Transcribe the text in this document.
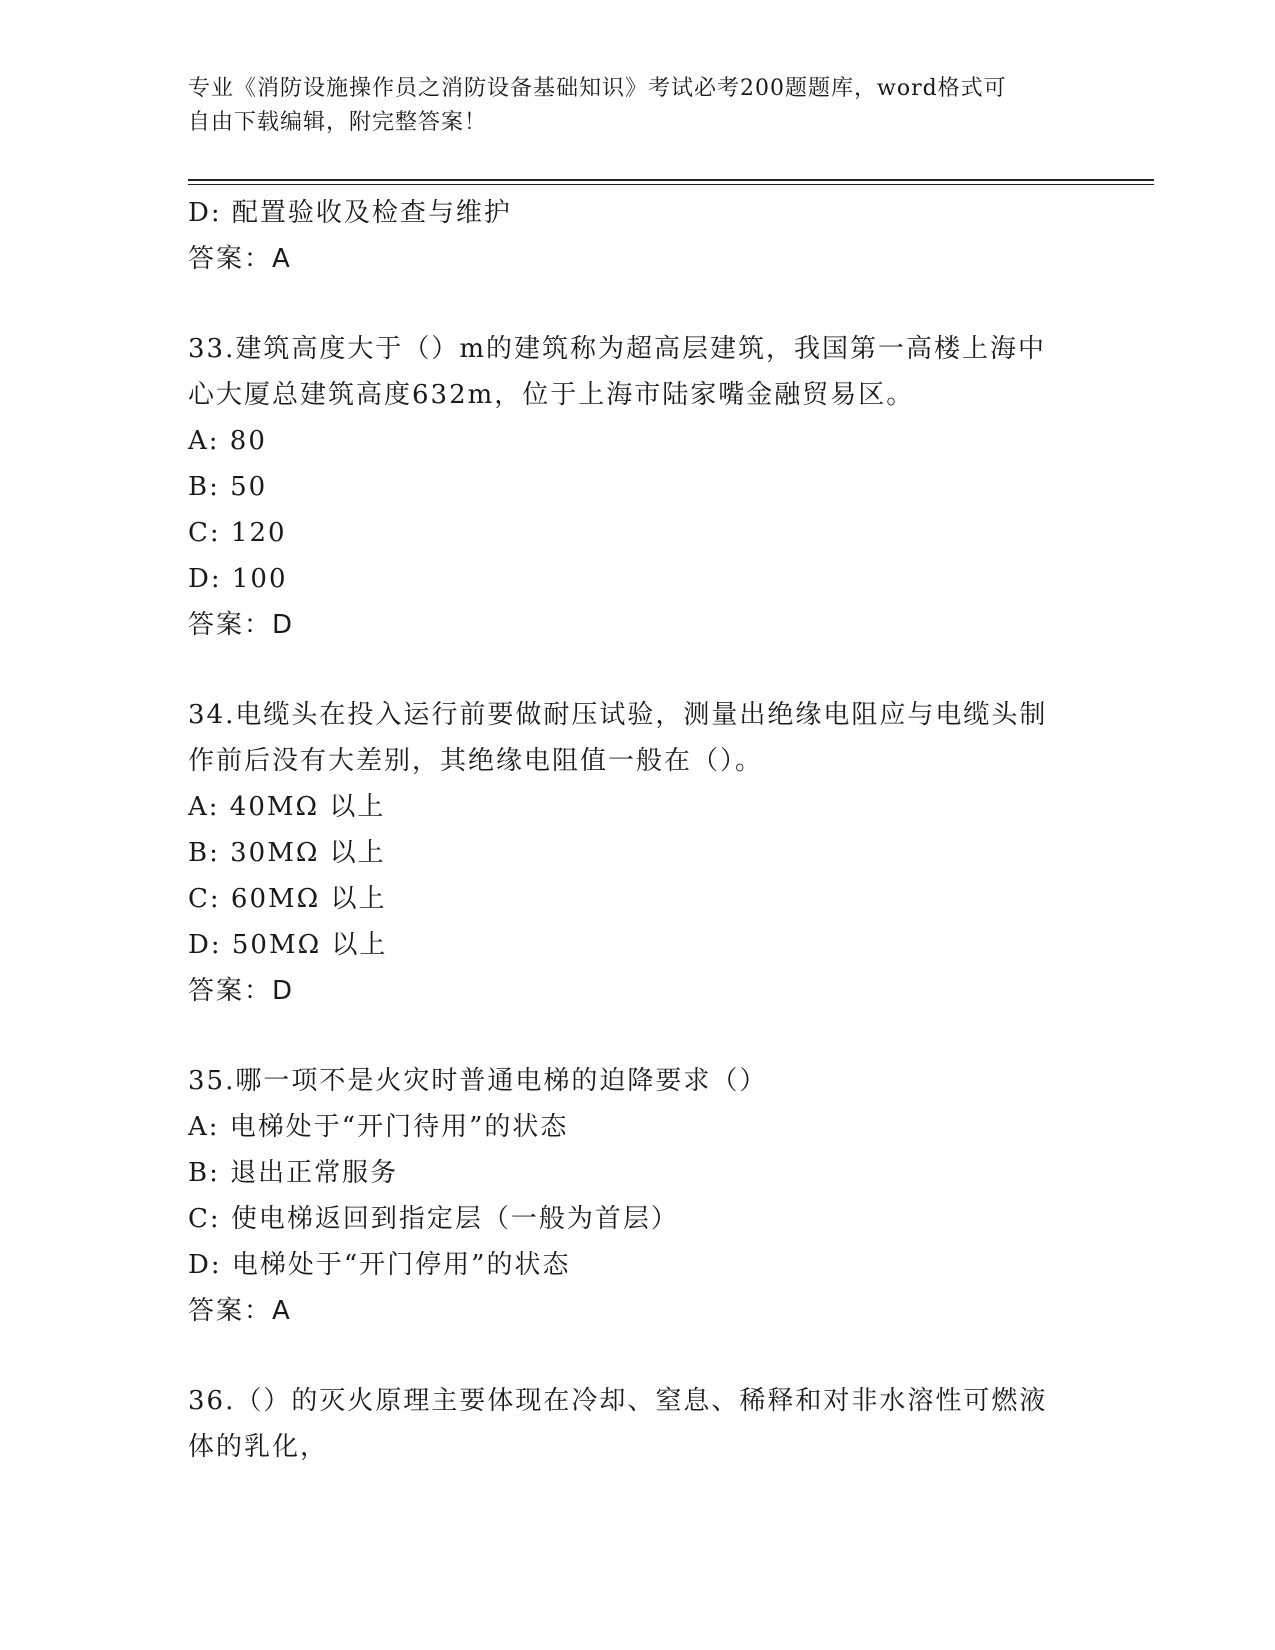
专业《消防设施操作员之消防设备基础知识》考试必考200题题库，word格式可
自由下载编辑，附完整答案！
D: 配置验收及检查与维护
答案：A
33.建筑高度大于（）m的建筑称为超高层建筑，我国第一高楼上海中
心大厦总建筑高度632m，位于上海市陆家嘴金融贸易区。
A: 80
B: 50
C: 120
D: 100
答案：D
34.电缆头在投入运行前要做耐压试验，测量出绝缘电阻应与电缆头制
作前后没有大差别，其绝缘电阻值一般在（）。
A: 40MΩ 以上
B: 30MΩ 以上
C: 60MΩ 以上
D: 50MΩ 以上
答案：D
35.哪一项不是火灾时普通电梯的迫降要求（）
A: 电梯处于“开门待用”的状态
B: 退出正常服务
C: 使电梯返回到指定层（一般为首层）
D: 电梯处于“开门停用”的状态
答案：A
36.（）的灭火原理主要体现在冷却、窒息、稀释和对非水溶性可燃液
体的乳化，
